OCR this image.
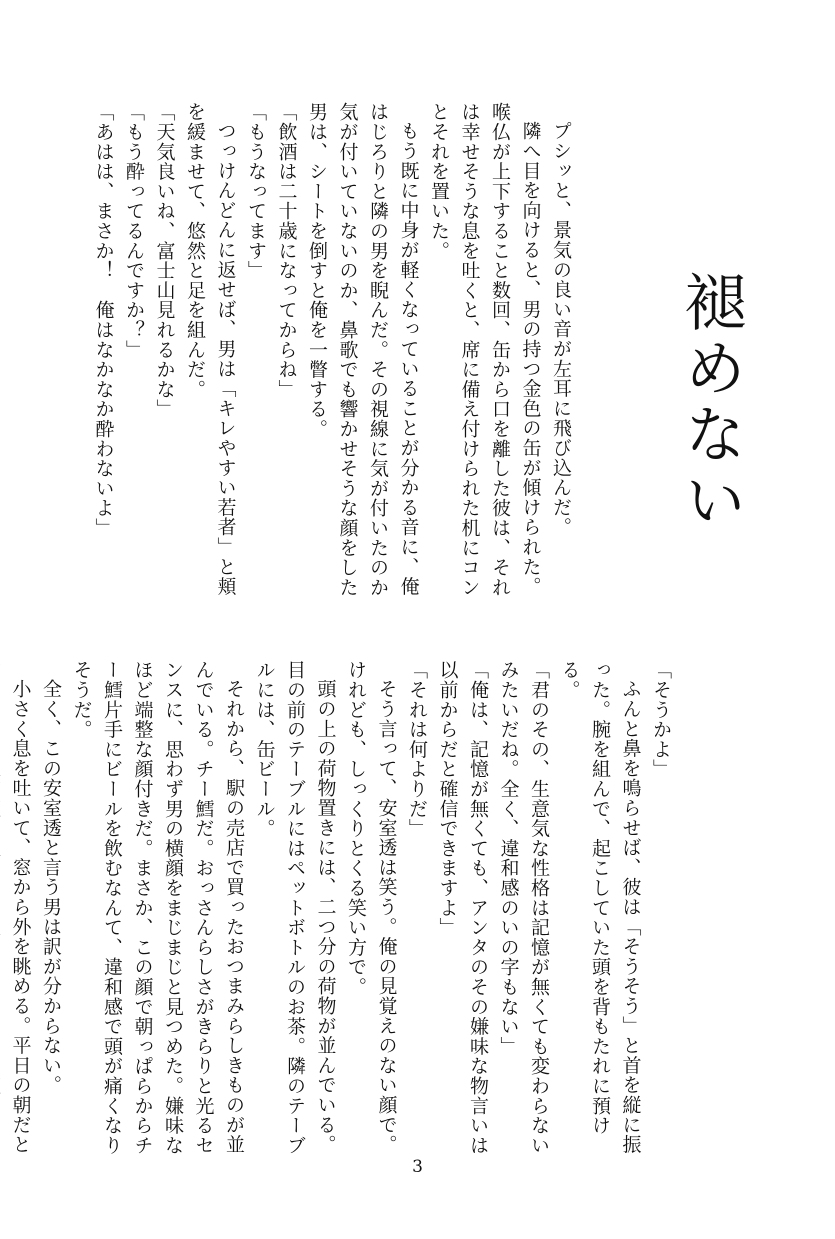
褪めない

プシッと、景気の良い音が左耳に飛び込んだ。

隣へ目を向けると、男の持つ金色の缶が傾けられた。喉仏が上下すること数回、缶から口を離した彼は、それは幸せそうな息を吐くと、席に備え付けられた机にコンとそれを置いた。

もう既に中身が軽くなっていることが分かる音に、俺はじろりと隣の男を睨んだ。その視線に気が付いたのか気が付いていないのか、鼻歌でも響かせそうな顔をした男は、シートを倒すと俺を一瞥する。

「飲酒は二十歳になってからね」

「もうなってます」

つっけんどんに返せば、男は「キレやすい若者」と頬を緩ませて、悠然と足を組んだ。

「天気良いね、富士山見れるかな」

「もう酔ってるんですか？」

「あはは、まさか！　俺はなかなか酔わないよ」

「そうかよ」

ふんと鼻を鳴らせば、彼は「そうそう」と首を縦に振った。腕を組んで、起こしていた頭を背もたれに預ける。

「君のその、生意気な性格は記憶が無くても変わらないみたいだね。全く、違和感のいの字もない」

「俺は、記憶が無くても、アンタのその嫌味な物言いは以前からだと確信できますよ」

「それは何よりだ」

そう言って、安室透は笑う。俺の見覚えのない顔で。けれども、しっくりとくる笑い方で。

頭の上の荷物置きには、二つ分の荷物が並んでいる。目の前のテーブルにはペットボトルのお茶。隣のテーブルには、缶ビール。

それから、駅の売店で買ったおつまみらしきものが並んでいる。チー鱈だ。おっさんらしさがきらりと光るセンスに、思わず男の横顔をまじまじと見つめた。嫌味なほど端整な顔付きだ。まさか、この顔で朝っぱらからチー鱈片手にビールを飲むなんて、違和感で頭が痛くなりそうだ。

全く、この安室透と言う男は訳が分からない。

小さく息を吐いて、窓から外を眺める。平日の朝だと

3
